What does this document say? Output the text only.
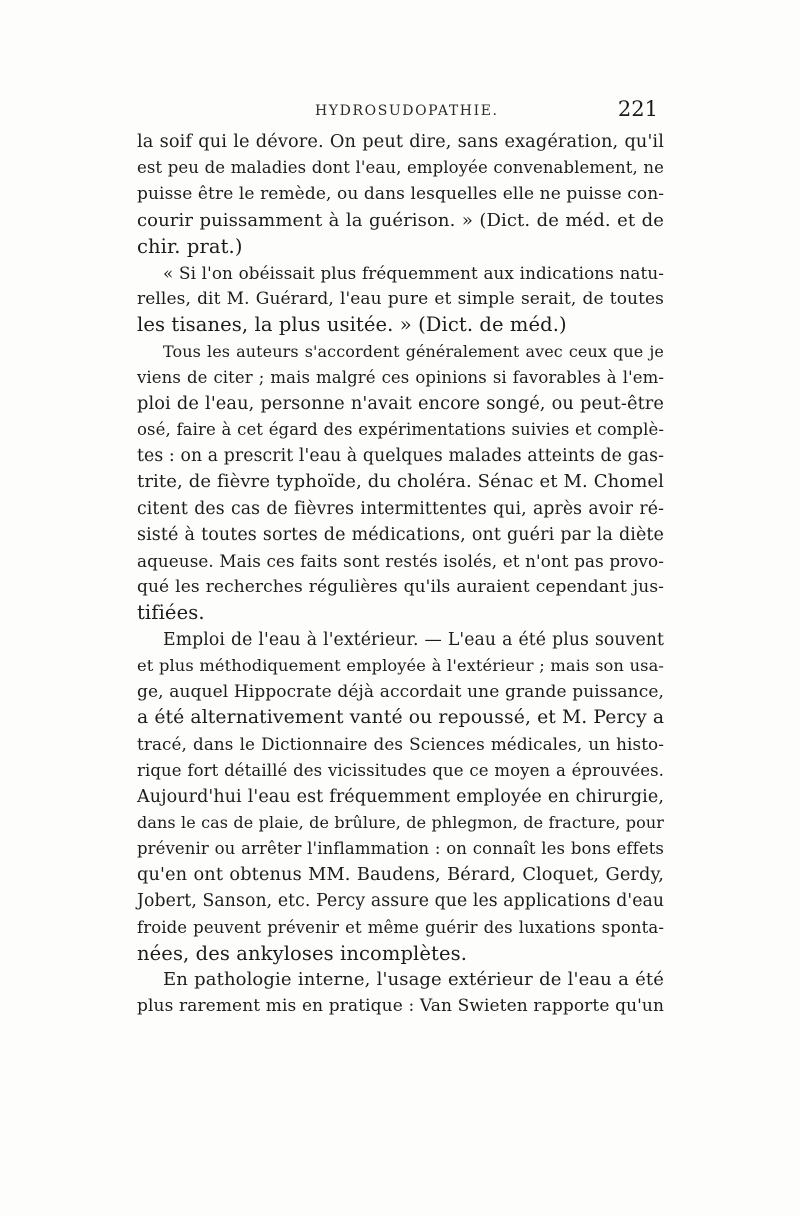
HYDROSUDOPATHIE.	221
la soif qui le dévore. On peut dire, sans exagération, qu'il
est peu de maladies dont l'eau, employée convenablement, ne
puisse être le remède, ou dans lesquelles elle ne puisse con-
courir puissamment à la guérison. » (Dict. de méd. et de
chir. prat.)
« Si l'on obéissait plus fréquemment aux indications natu-
relles, dit M. Guérard, l'eau pure et simple serait, de toutes
les tisanes, la plus usitée. » (Dict. de méd.)
Tous les auteurs s'accordent généralement avec ceux que je
viens de citer ; mais malgré ces opinions si favorables à l'em-
ploi de l'eau, personne n'avait encore songé, ou peut-être
osé, faire à cet égard des expérimentations suivies et complè-
tes : on a prescrit l'eau à quelques malades atteints de gas-
trite, de fièvre typhoïde, du choléra. Sénac et M. Chomel
citent des cas de fièvres intermittentes qui, après avoir ré-
sisté à toutes sortes de médications, ont guéri par la diète
aqueuse. Mais ces faits sont restés isolés, et n'ont pas provo-
qué les recherches régulières qu'ils auraient cependant jus-
tifiées.
Emploi de l'eau à l'extérieur. — L'eau a été plus souvent
et plus méthodiquement employée à l'extérieur ; mais son usa-
ge, auquel Hippocrate déjà accordait une grande puissance,
a été alternativement vanté ou repoussé, et M. Percy a
tracé, dans le Dictionnaire des Sciences médicales, un histo-
rique fort détaillé des vicissitudes que ce moyen a éprouvées.
Aujourd'hui l'eau est fréquemment employée en chirurgie,
dans le cas de plaie, de brûlure, de phlegmon, de fracture, pour
prévenir ou arrêter l'inflammation : on connaît les bons effets
qu'en ont obtenus MM. Baudens, Bérard, Cloquet, Gerdy,
Jobert, Sanson, etc. Percy assure que les applications d'eau
froide peuvent prévenir et même guérir des luxations sponta-
nées, des ankyloses incomplètes.
En pathologie interne, l'usage extérieur de l'eau a été
plus rarement mis en pratique : Van Swieten rapporte qu'un
